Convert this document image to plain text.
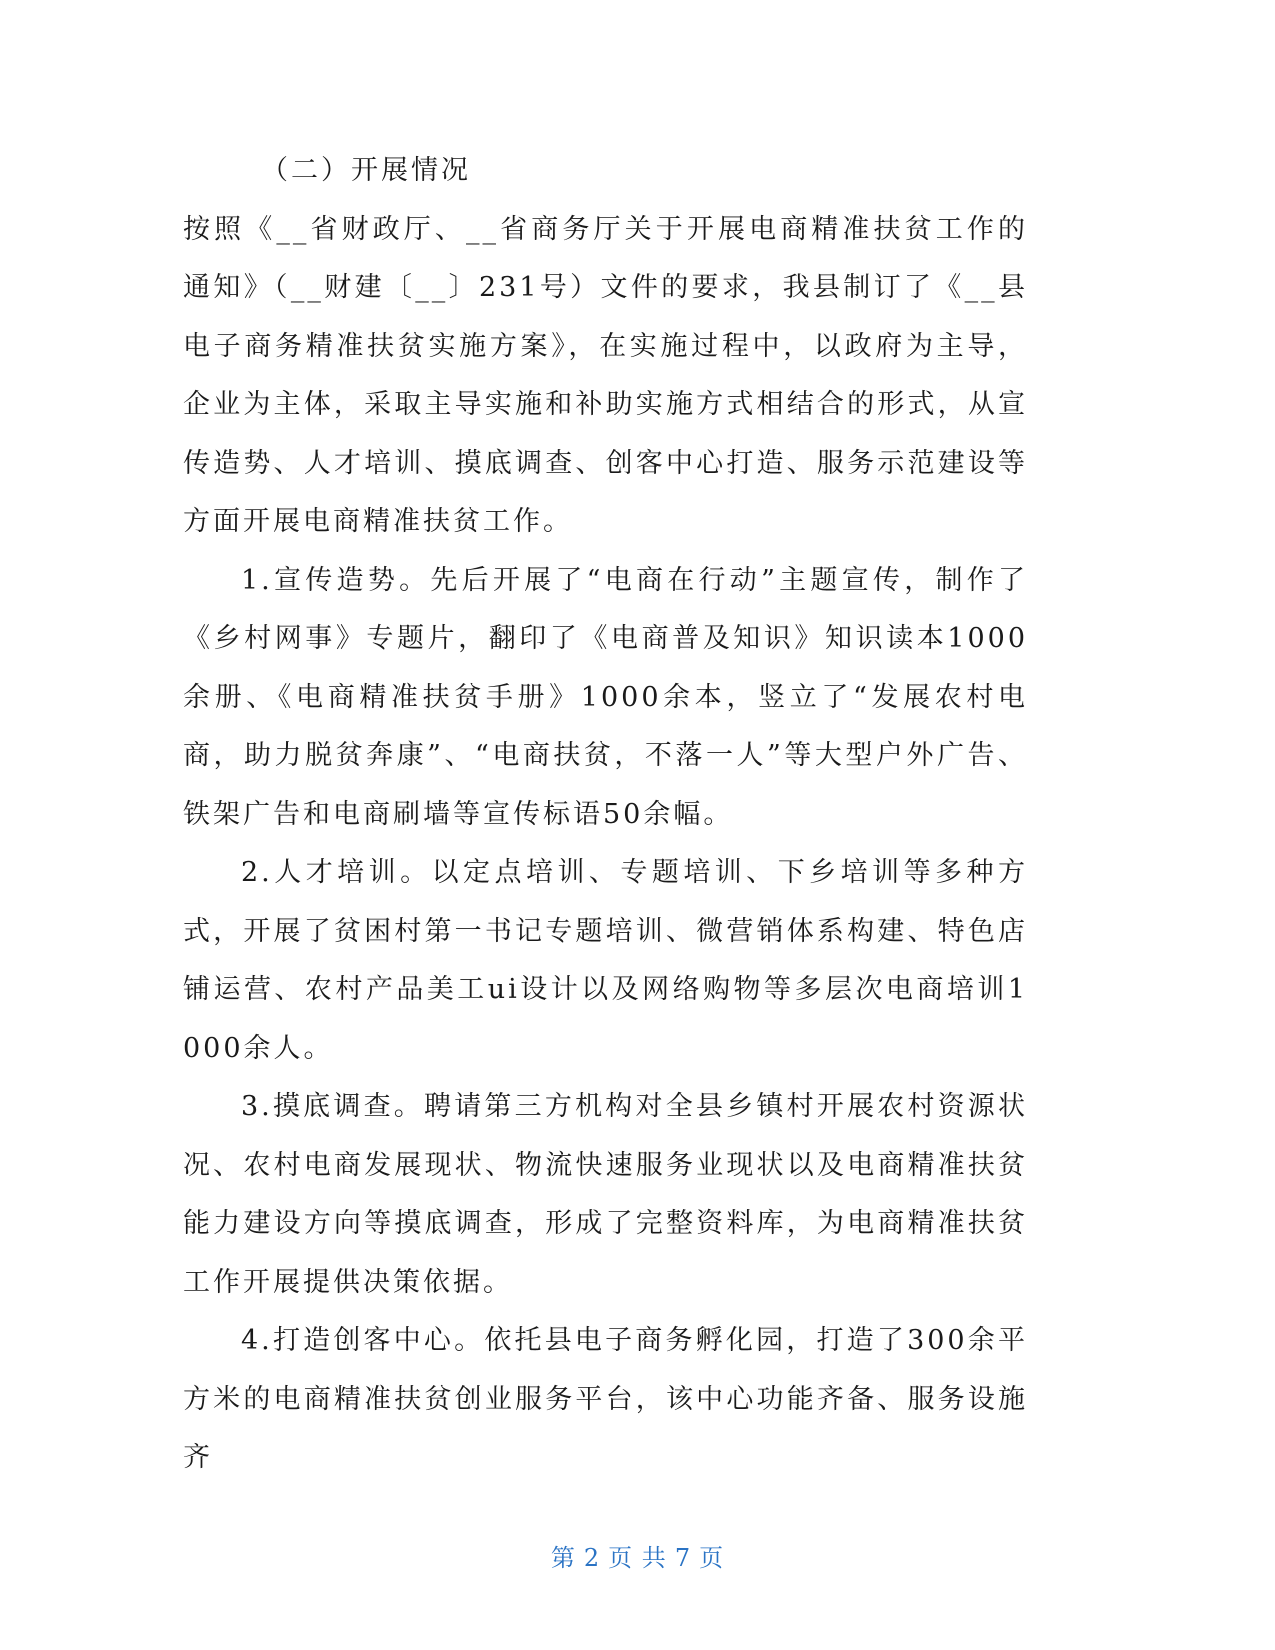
（二）开展情况

按照《__省财政厅、__省商务厅关于开展电商精准扶贫工作的通知》（__财建〔__〕231号）文件的要求，我县制订了《__县电子商务精准扶贫实施方案》，在实施过程中，以政府为主导，企业为主体，采取主导实施和补助实施方式相结合的形式，从宣传造势、人才培训、摸底调查、创客中心打造、服务示范建设等方面开展电商精准扶贫工作。

1.宣传造势。先后开展了“电商在行动”主题宣传，制作了《乡村网事》专题片，翻印了《电商普及知识》知识读本1000余册、《电商精准扶贫手册》1000余本，竖立了“发展农村电商，助力脱贫奔康”、“电商扶贫，不落一人”等大型户外广告、铁架广告和电商刷墙等宣传标语50余幅。

2.人才培训。以定点培训、专题培训、下乡培训等多种方式，开展了贫困村第一书记专题培训、微营销体系构建、特色店铺运营、农村产品美工ui设计以及网络购物等多层次电商培训1000余人。

3.摸底调查。聘请第三方机构对全县乡镇村开展农村资源状况、农村电商发展现状、物流快速服务业现状以及电商精准扶贫能力建设方向等摸底调查，形成了完整资料库，为电商精准扶贫工作开展提供决策依据。

4.打造创客中心。依托县电子商务孵化园，打造了300余平方米的电商精准扶贫创业服务平台，该中心功能齐备、服务设施齐

第 2 页 共 7 页
